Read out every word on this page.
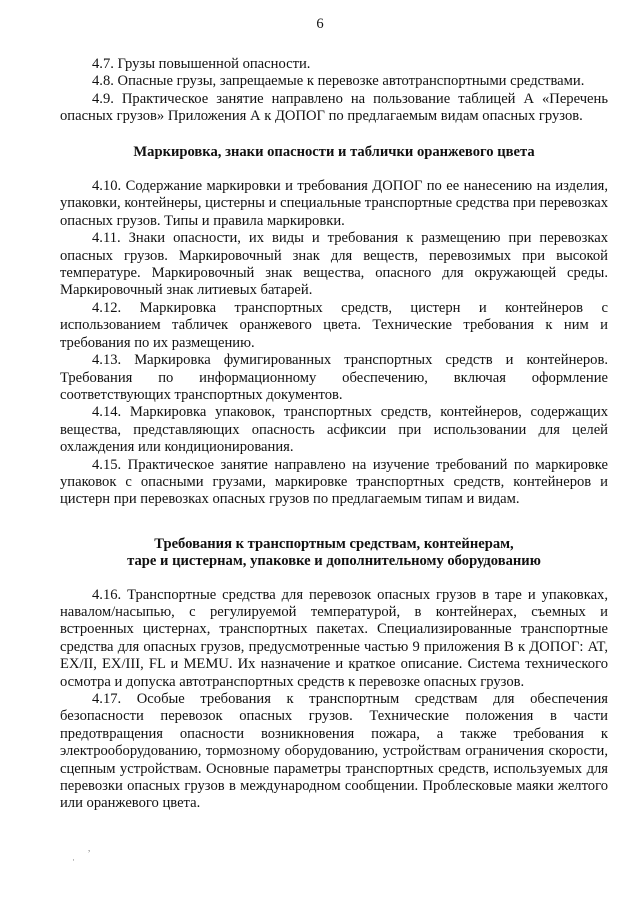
6

4.7. Грузы повышенной опасности.

4.8. Опасные грузы, запрещаемые к перевозке автотранспортными средствами.

4.9. Практическое занятие направлено на пользование таблицей А «Перечень опасных грузов» Приложения А к ДОПОГ по предлагаемым видам опасных грузов.

Маркировка, знаки опасности и таблички оранжевого цвета

4.10. Содержание маркировки и требования ДОПОГ по ее нанесению на изделия, упаковки, контейнеры, цистерны и специальные транспортные средства при перевозках опасных грузов. Типы и правила маркировки.

4.11. Знаки опасности, их виды и требования к размещению при перевозках опасных грузов. Маркировочный знак для веществ, перевозимых при высокой температуре. Маркировочный знак вещества, опасного для окружающей среды. Маркировочный знак литиевых батарей.

4.12. Маркировка транспортных средств, цистерн и контейнеров с использованием табличек оранжевого цвета. Технические требования к ним и требования по их размещению.

4.13. Маркировка фумигированных транспортных средств и контейнеров. Требования по информационному обеспечению, включая оформление соответствующих транспортных документов.

4.14. Маркировка упаковок, транспортных средств, контейнеров, содержащих вещества, представляющих опасность асфиксии при использовании для целей охлаждения или кондиционирования.

4.15. Практическое занятие направлено на изучение требований по маркировке упаковок с опасными грузами, маркировке транспортных средств, контейнеров и цистерн при перевозках опасных грузов по предлагаемым типам и видам.

Требования к транспортным средствам, контейнерам,
таре и цистернам, упаковке и дополнительному оборудованию

4.16. Транспортные средства для перевозок опасных грузов в таре и упаковках, навалом/насыпью, с регулируемой температурой, в контейнерах, съемных и встроенных цистернах, транспортных пакетах. Специализированные транспортные средства для опасных грузов, предусмотренные частью 9 приложения В к ДОПОГ: AT, EX/II, EX/III, FL и MEMU. Их назначение и краткое описание. Система технического осмотра и допуска автотранспортных средств к перевозке опасных грузов.

4.17. Особые требования к транспортным средствам для обеспечения безопасности перевозок опасных грузов. Технические положения в части предотвращения опасности возникновения пожара, а также требования к электрооборудованию, тормозному оборудованию, устройствам ограничения скорости, сцепным устройствам. Основные параметры транспортных средств, используемых для перевозки опасных грузов в международном сообщении. Проблесковые маяки желтого или оранжевого цвета.

·
,
